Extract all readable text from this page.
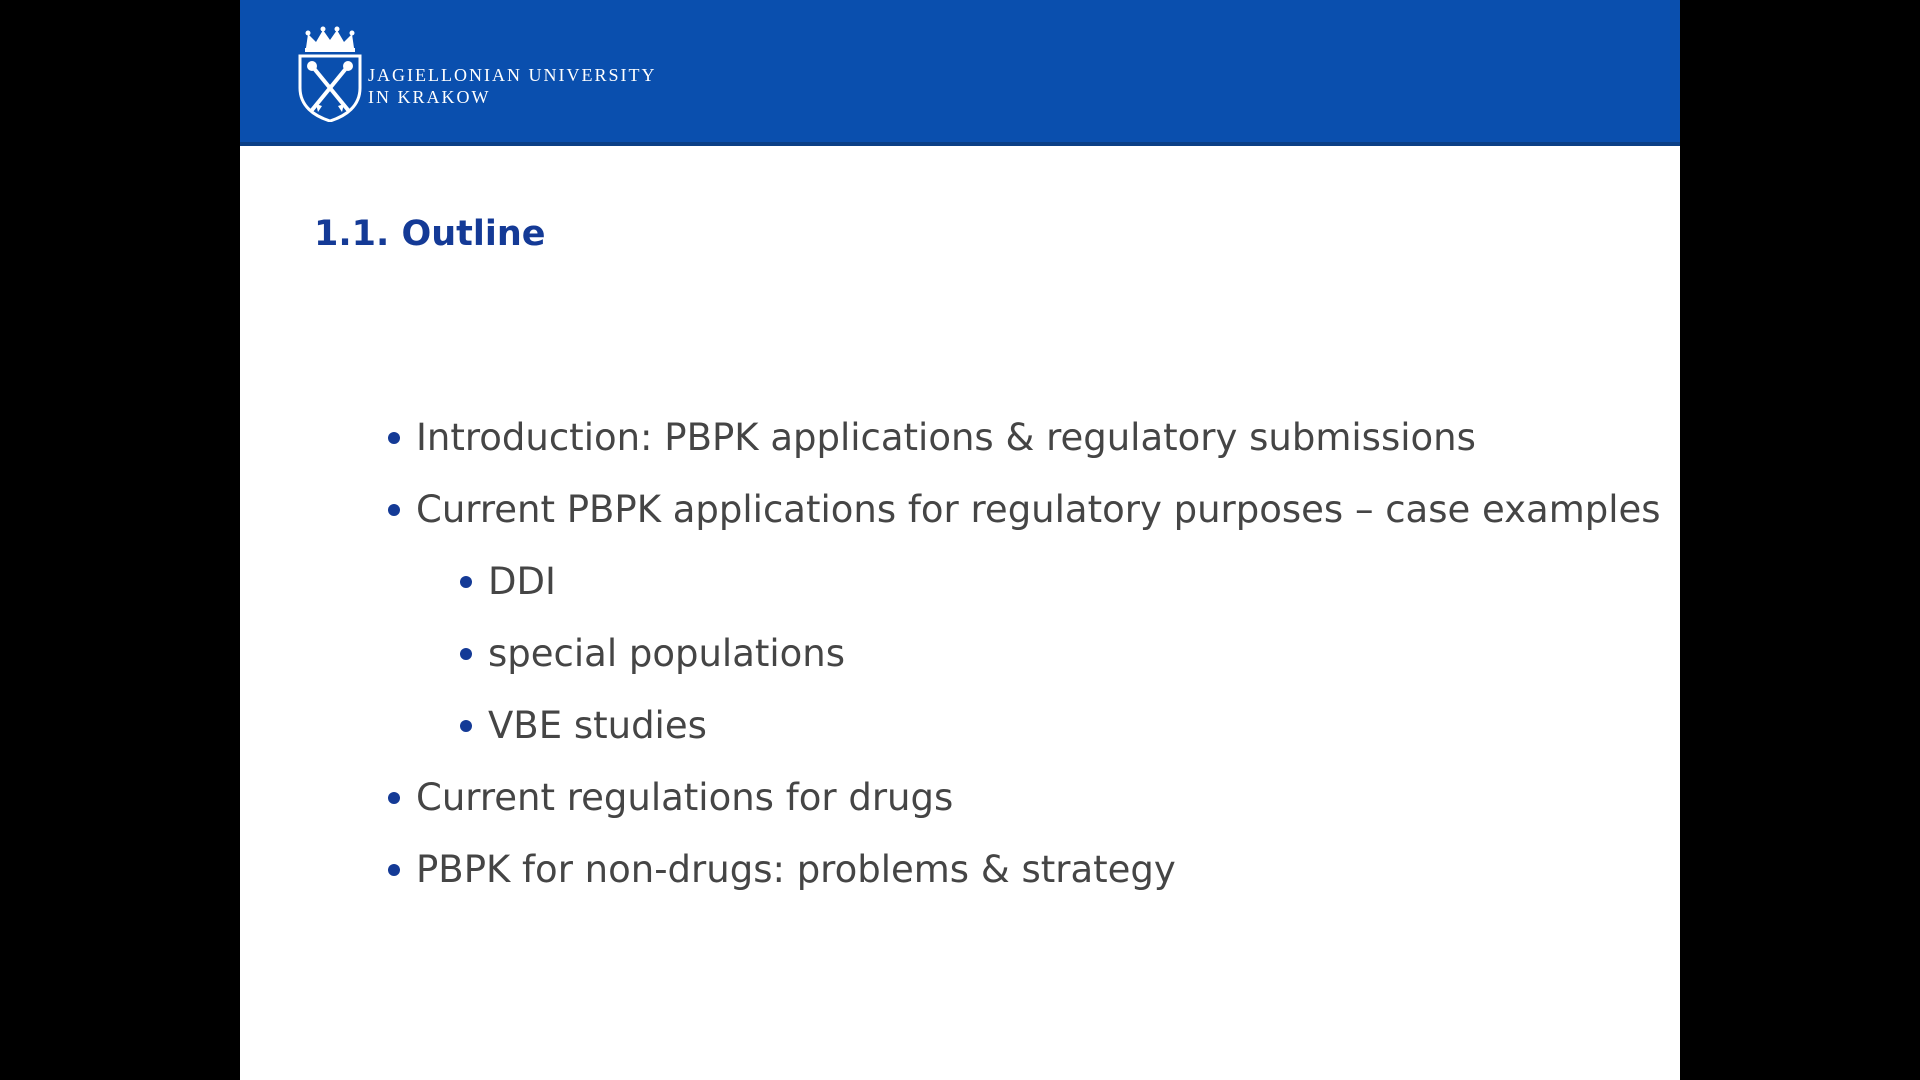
JAGIELLONIAN UNIVERSITY
IN KRAKOW
1.1. Outline
Introduction: PBPK applications & regulatory submissions
Current PBPK applications for regulatory purposes – case examples
DDI
special populations
VBE studies
Current regulations for drugs
PBPK for non-drugs: problems & strategy
